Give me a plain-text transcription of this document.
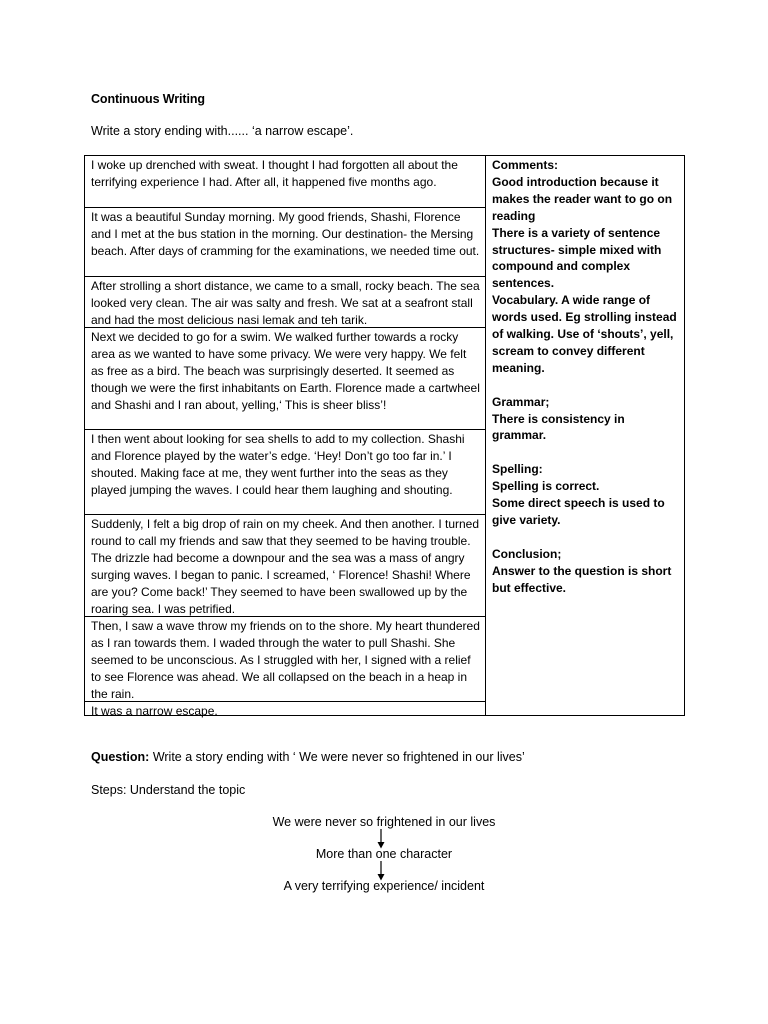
Continuous Writing
Write a story ending with...... ‘a narrow escape’.
I woke up drenched with sweat. I thought I had forgotten all about the terrifying experience I had. After all, it happened five months ago.
It was a beautiful Sunday morning. My good friends, Shashi, Florence and I met at the bus station in the morning. Our destination- the Mersing beach. After days of cramming for the examinations, we needed time out.
After strolling a short distance, we came to a small, rocky beach. The sea looked very clean. The air was salty and fresh. We sat at a seafront stall and had the most delicious nasi lemak and teh tarik.
Next we decided to go for a swim. We walked further towards a rocky area as we wanted to have some privacy. We were very happy. We felt as free as a bird. The beach was surprisingly deserted. It seemed as though we were the first inhabitants on Earth. Florence made a cartwheel and Shashi and I ran about, yelling,‘ This is sheer bliss’!
I then went about looking for sea shells to add to my collection. Shashi and Florence played by the water’s edge. ‘Hey! Don’t go too far in.’ I shouted. Making face at me, they went further into the seas as they played jumping the waves. I could hear them laughing and shouting.
Suddenly, I felt a big drop of rain on my cheek. And then another. I turned round to call my friends and saw that they seemed to be having trouble. The drizzle had become a downpour and the sea was a mass of angry surging waves. I began to panic. I screamed, ‘ Florence! Shashi! Where are you? Come back!’ They seemed to have been swallowed up by the roaring sea. I was petrified.
Then, I saw a wave throw my friends on to the shore. My heart thundered as I ran towards them. I waded through the water to pull Shashi. She seemed to be unconscious. As I struggled with her, I signed with a relief to see Florence was ahead. We all collapsed on the beach in a heap in the rain.
It was a narrow escape.
Comments:
Good introduction because it makes the reader want to go on reading
There is a variety of sentence structures- simple mixed with compound and complex sentences.
Vocabulary. A wide range of words used. Eg strolling instead of walking. Use of ‘shouts’, yell, scream to convey different meaning.
Grammar;
There is consistency in grammar.
Spelling:
Spelling is correct.
Some direct speech is used to give variety.
Conclusion;
Answer to the question is short but effective.
Question: Write a story ending with ‘ We were never so frightened in our lives’
Steps: Understand the topic
We were never so frightened in our lives
More than one character
A very terrifying experience/ incident
